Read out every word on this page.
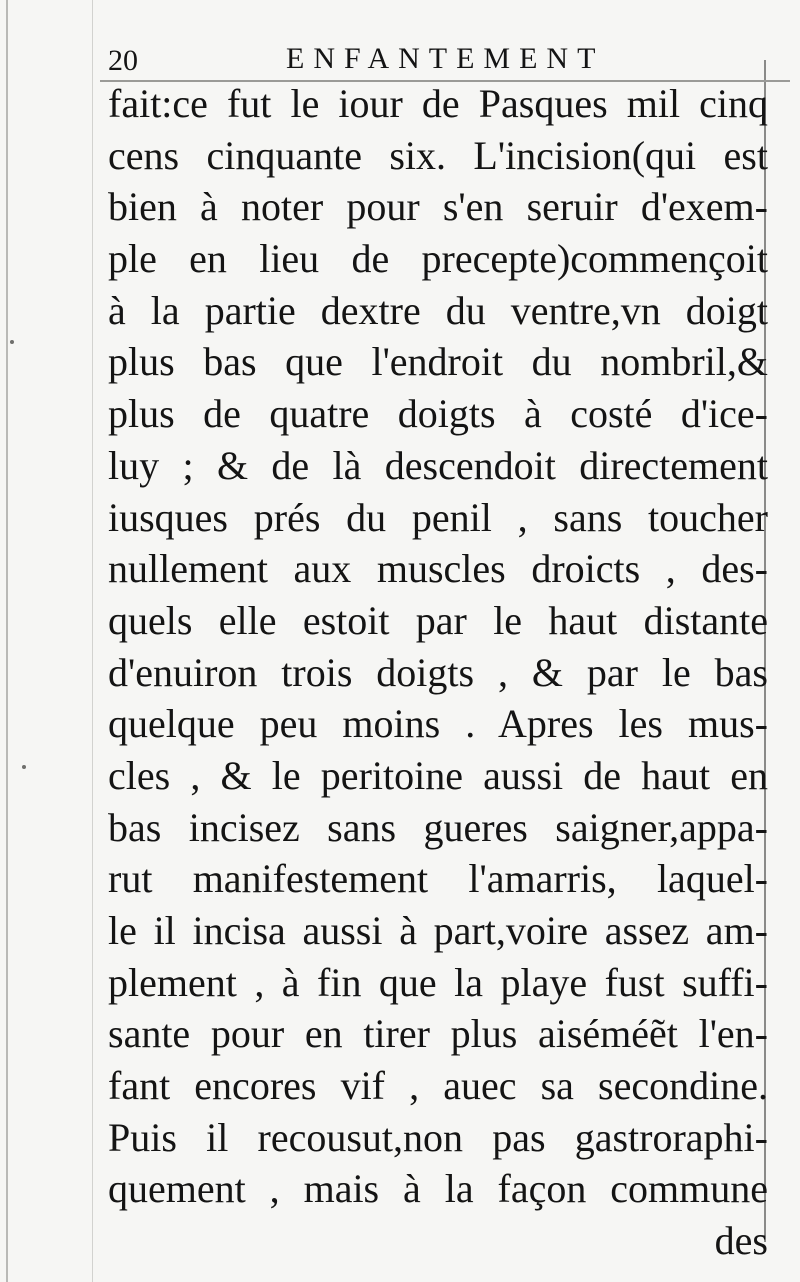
20	ENFANTEMENT
fait:ce fut le iour de Pasques mil cinq
cens cinquante six. L'incision(qui est
bien à noter pour s'en seruir d'exem-
ple en lieu de precepte)commençoit
à la partie dextre du ventre,vn doigt
plus bas que l'endroit du nombril,&
plus de quatre doigts à costé d'ice-
luy ; & de là descendoit directement
iusques prés du penil , sans toucher
nullement aux muscles droicts , des-
quels elle estoit par le haut distante
d'enuiron trois doigts , & par le bas
quelque peu moins . Apres les mus-
cles , & le peritoine aussi de haut en
bas incisez sans gueres saigner,appa-
rut manifestement l'amarris, laquel-
le il incisa aussi à part,voire assez am-
plement , à fin que la playe fust suffi-
sante pour en tirer plus aiséméẽt l'en-
fant encores vif , auec sa secondine.
Puis il recousut,non pas gastroraphi-
quement , mais à la façon commune
des
